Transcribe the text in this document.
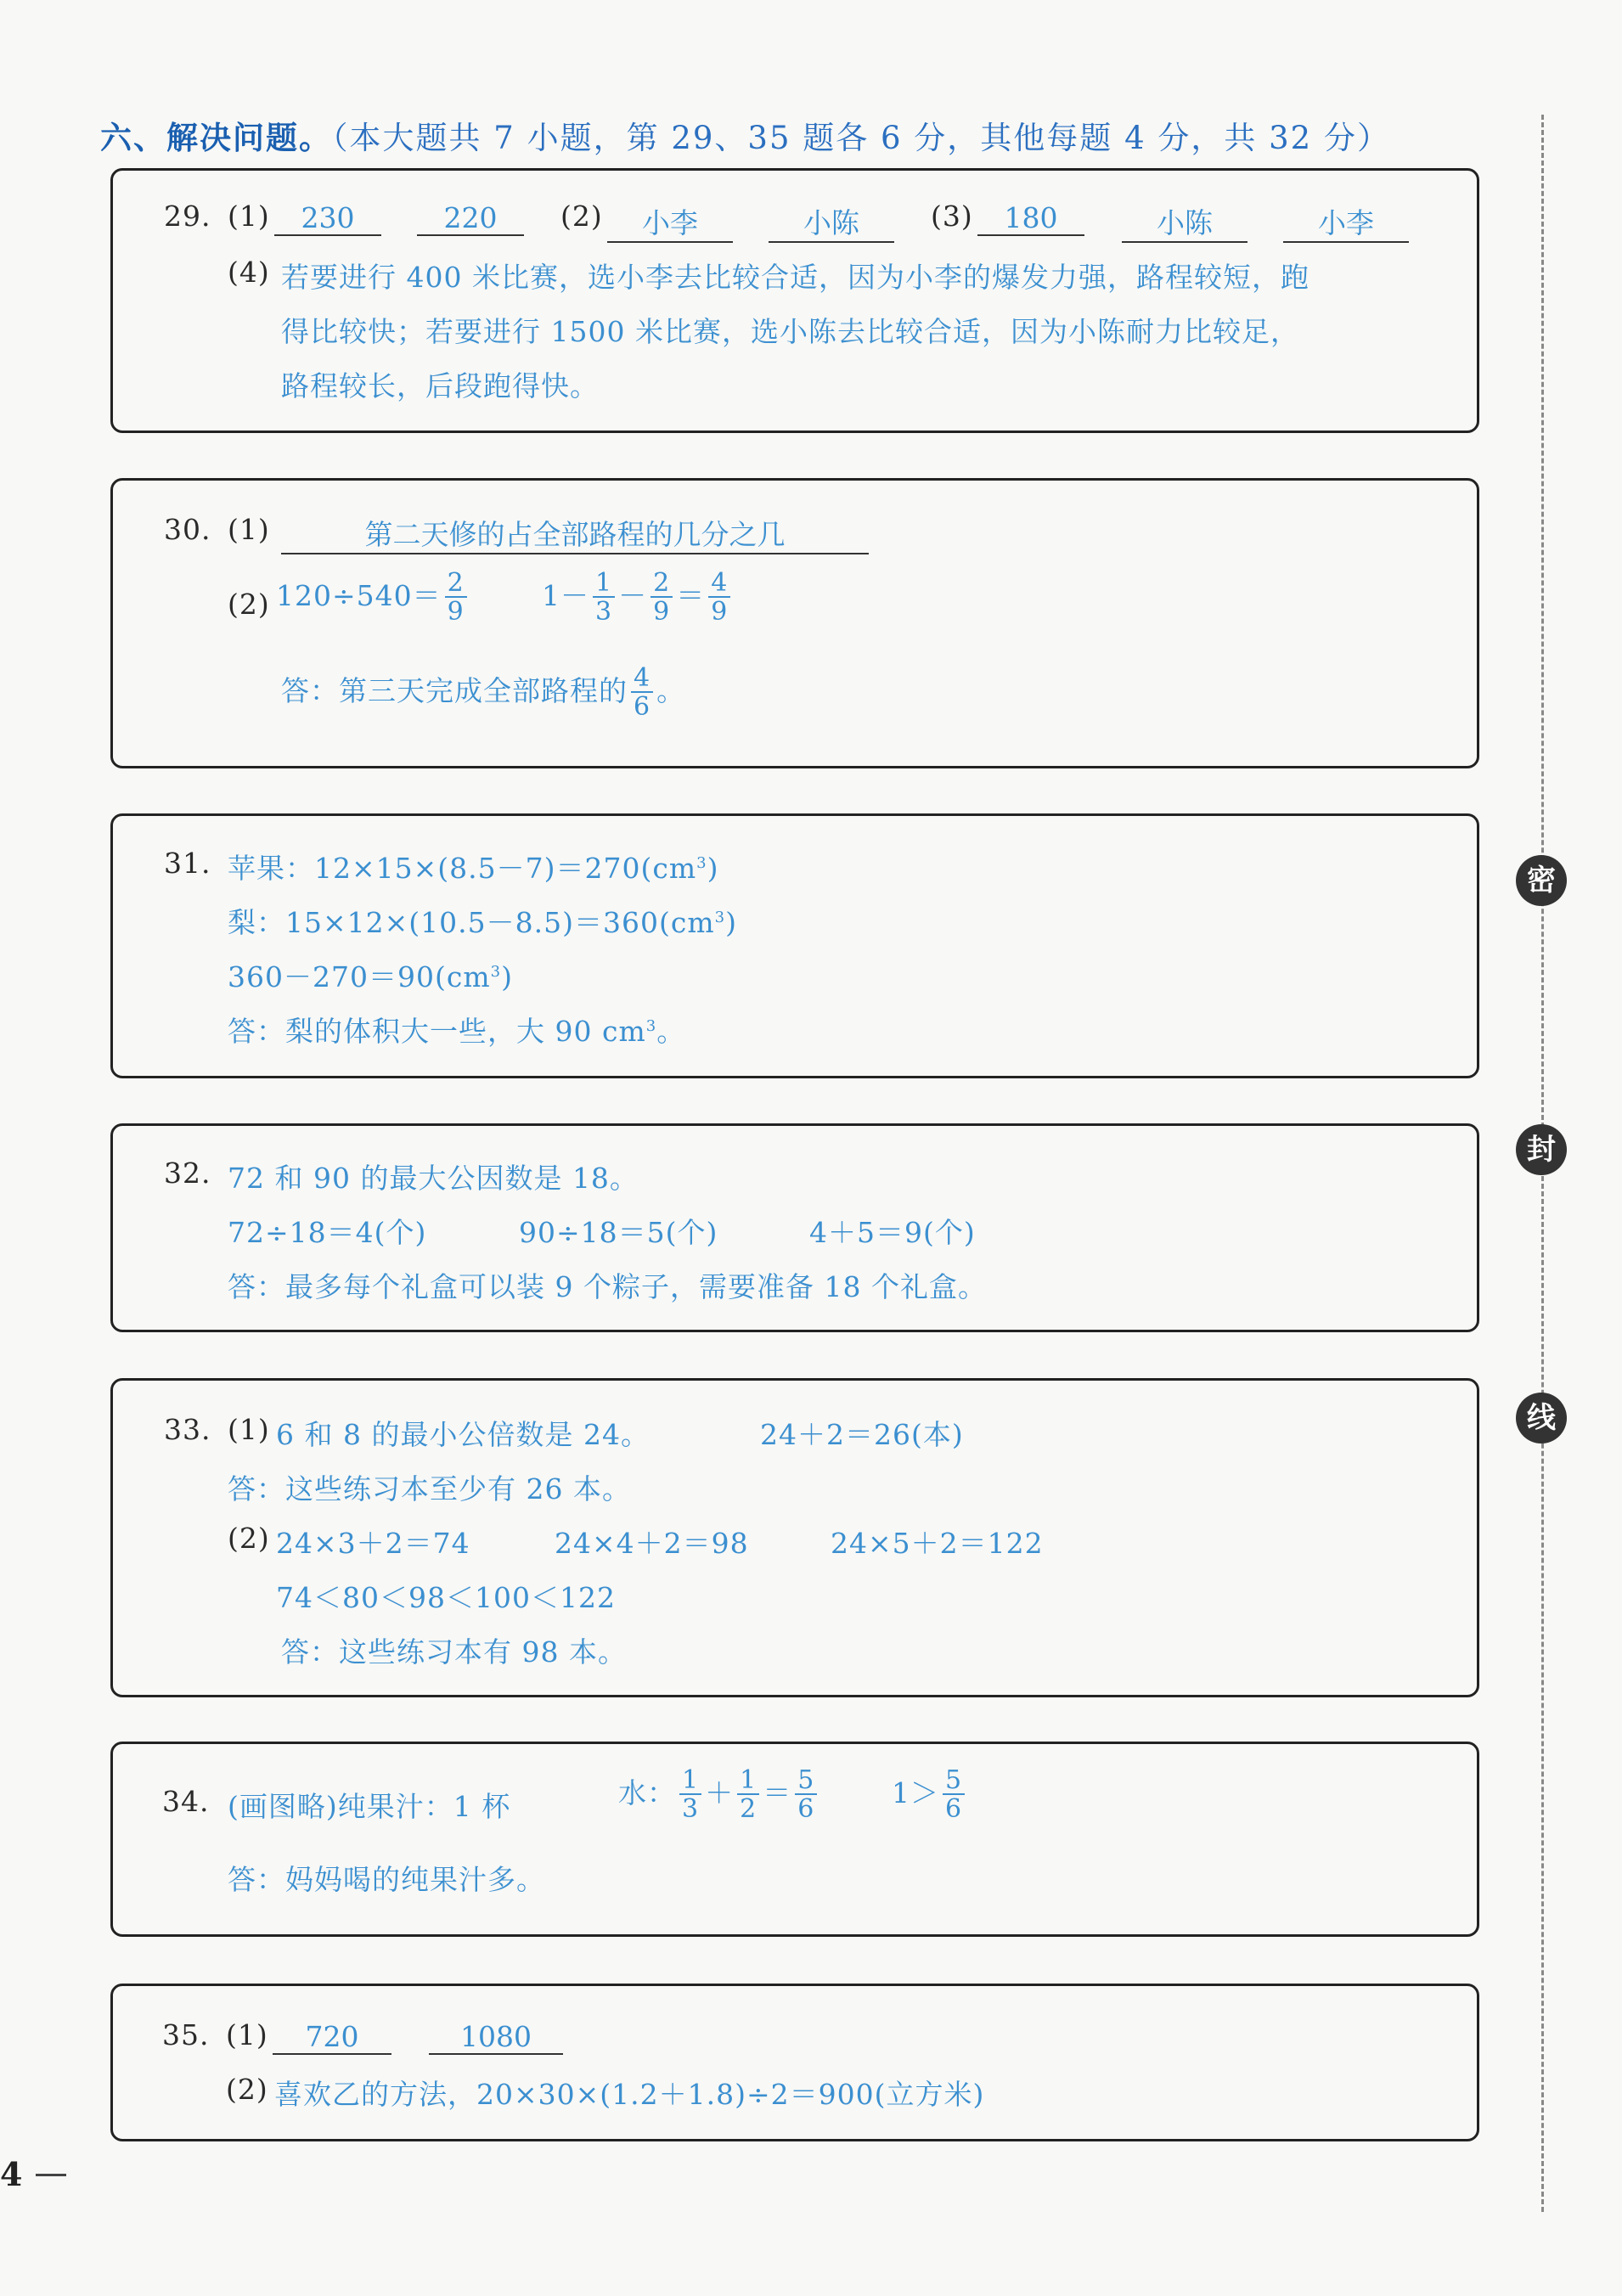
六、解决问题。（本大题共 7 小题，第 29、35 题各 6 分，其他每题 4 分，共 32 分）
29. (1)	230	220	(2)	小李	小陈	(3)	180	小陈	小李
(4) 若要进行 400 米比赛，选小李去比较合适，因为小李的爆发力强，路程较短，跑
得比较快；若要进行 1500 米比赛，选小陈去比较合适，因为小陈耐力比较足，
路程较长，后段跑得快。
30. (1)	第二天修的占全部路程的几分之几
(2) $120\div 540= \frac{2}{9}$	$1- \frac{1}{3} - \frac{2}{9} = \frac{4}{9}$
答：第三天完成全部路程的 $\frac{4}{6}$ 。
31. 苹果：$12\times 15\times(8.5-7)=270(cm^3)$
梨：$15\times 12\times(10.5-8.5)=360(cm^3)$
$360-270=90(cm^3)$
答：梨的体积大一些，大 90 $cm^3$。
32. 72 和 90 的最大公因数是 18。
72÷18＝4(个)	90÷18＝5(个)	4＋5＝9(个)
答：最多每个礼盒可以装 9 个粽子，需要准备 18 个礼盒。
33. (1) 6 和 8 的最小公倍数是 24。	24＋2＝26(本)
答：这些练习本至少有 26 本。
(2) 24×3＋2＝74	24×4＋2＝98	24×5＋2＝122
74＜80＜98＜100＜122
答：这些练习本有 98 本。
34. (画图略)纯果汁：1 杯	水： $\frac{1}{3} + \frac{1}{2} = \frac{5}{6}$	$1> \frac{5}{6}$
答：妈妈喝的纯果汁多。
35. (1)	720	1080
(2) 喜欢乙的方法，20×30×(1.2＋1.8)÷2＝900(立方米)
密
封
线
4
